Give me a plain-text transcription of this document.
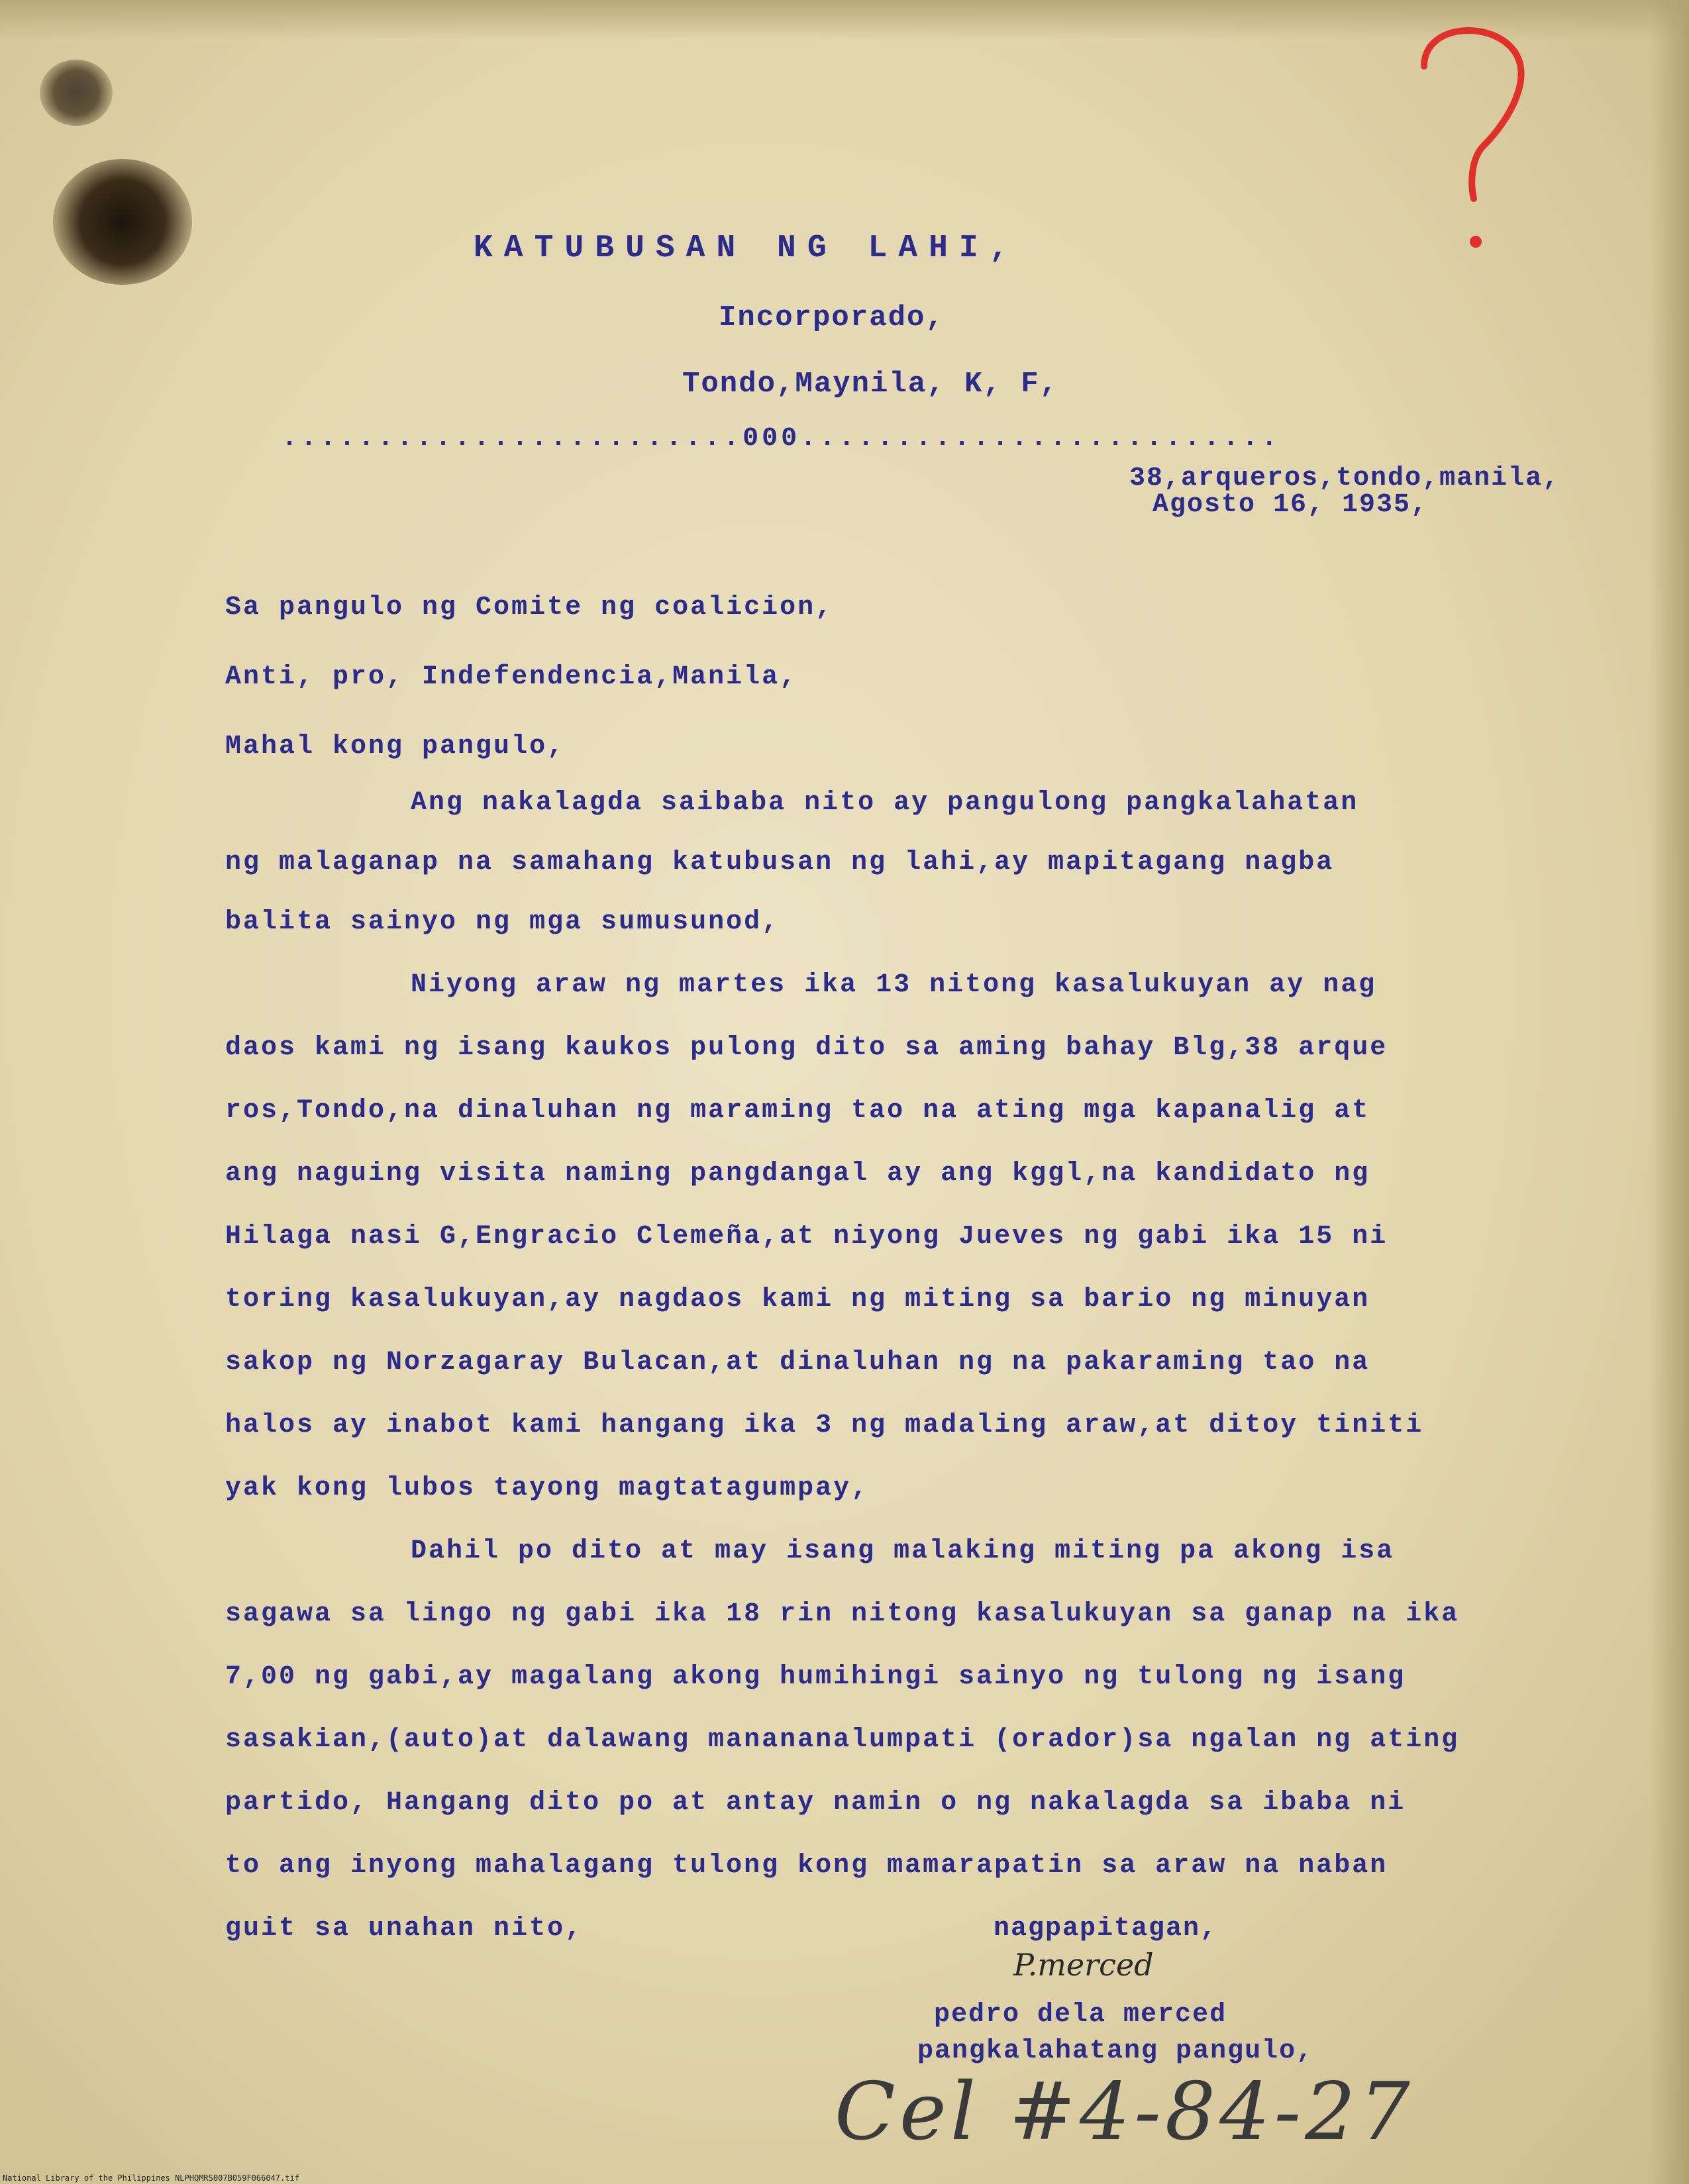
KATUBUSAN NG LAHI,
Incorporado,
Tondo,Maynila, K, F,
........................000.........................
38,arqueros,tondo,manila,
Agosto 16, 1935,
Sa pangulo ng Comite ng coalicion,
Anti, pro, Indefendencia,Manila,
Mahal kong pangulo,
Ang nakalagda saibaba nito ay pangulong pangkalahatan
ng malaganap na samahang katubusan ng lahi,ay mapitagang nagba
balita sainyo ng mga sumusunod,
Niyong araw ng martes ika 13 nitong kasalukuyan ay nag
daos kami ng isang kaukos pulong dito sa aming bahay Blg,38 arque
ros,Tondo,na dinaluhan ng maraming tao na ating mga kapanalig at
ang naguing visita naming pangdangal ay ang kggl,na kandidato ng
Hilaga nasi G,Engracio Clemeña,at niyong Jueves ng gabi ika 15 ni
toring kasalukuyan,ay nagdaos kami ng miting sa bario ng minuyan
sakop ng Norzagaray Bulacan,at dinaluhan ng na pakaraming tao na
halos ay inabot kami hangang ika 3 ng madaling araw,at ditoy tiniti
yak kong lubos tayong magtatagumpay,
Dahil po dito at may isang malaking miting pa akong isa
sagawa sa lingo ng gabi ika 18 rin nitong kasalukuyan sa ganap na ika
7,00 ng gabi,ay magalang akong humihingi sainyo ng tulong ng isang
sasakian,(auto)at dalawang manananalumpati (orador)sa ngalan ng ating
partido, Hangang dito po at antay namin o ng nakalagda sa ibaba ni
to ang inyong mahalagang tulong kong mamarapatin sa araw na naban
guit sa unahan nito,	nagpapitagan,
P.merced
pedro dela merced
pangkalahatang pangulo,
Cel #4-84-27
National Library of the Philippines NLPHQMRS007B059F066047.tif
